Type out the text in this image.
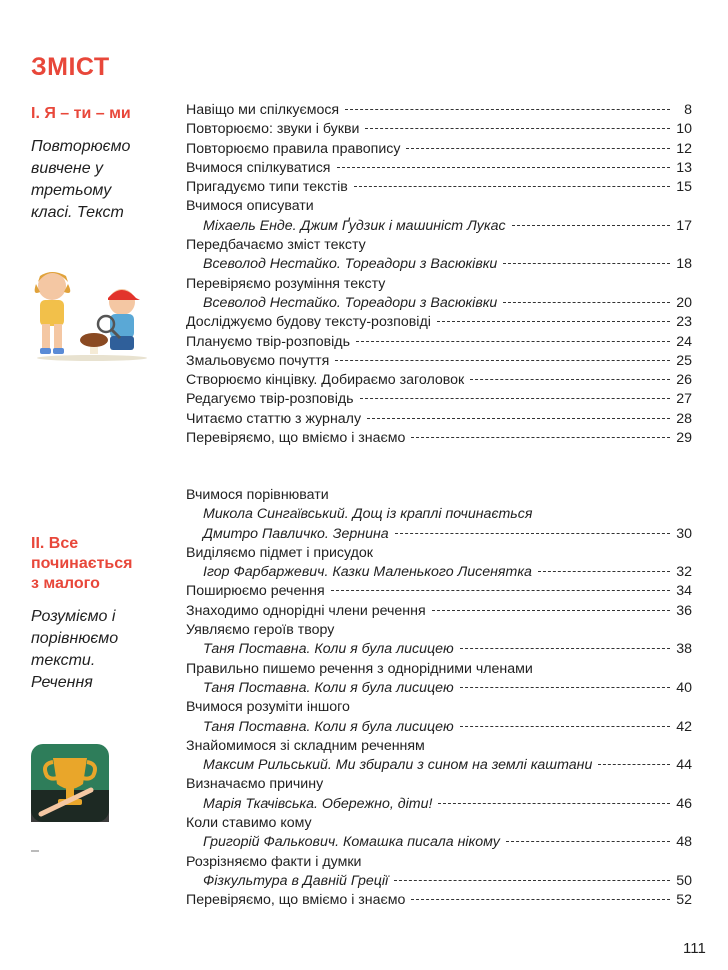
ЗМІСТ
І. Я – ти – ми
Повторюємо вивчене у третьому класі. Текст
Навіщо ми спілкуємося	8
Повторюємо: звуки і букви	10
Повторюємо правила правопису	12
Вчимося спілкуватися	13
Пригадуємо типи текстів	15
Вчимося описувати
Міхаель Енде. Джим Ґудзик і машиніст Лукас	17
Передбачаємо зміст тексту
Всеволод Нестайко. Тореадори з Васюківки	18
Перевіряємо розуміння тексту
Всеволод Нестайко. Тореадори з Васюківки	20
Досліджуємо будову тексту-розповіді	23
Плануємо твір-розповідь	24
Змальовуємо почуття	25
Створюємо кінцівку. Добираємо заголовок	26
Редагуємо твір-розповідь	27
Читаємо статтю з журналу	28
Перевіряємо, що вміємо і знаємо	29
ІІ. Все починається з малого
Розуміємо і порівнюємо тексти. Речення
Вчимося порівнювати
Микола Сингаївський. Дощ із краплі починається
Дмитро Павличко. Зернина	30
Виділяємо підмет і присудок
Ігор Фарбаржевич. Казки Маленького Лисенятка	32
Поширюємо речення	34
Знаходимо однорідні члени речення	36
Уявляємо героїв твору
Таня Поставна. Коли я була лисицею	38
Правильно пишемо речення з однорідними членами
Таня Поставна. Коли я була лисицею	40
Вчимося розуміти іншого
Таня Поставна. Коли я була лисицею	42
Знайомимося зі складним реченням
Максим Рильський. Ми збирали з сином на землі каштани	44
Визначаємо причину
Марія Ткачівська. Обережно, діти!	46
Коли ставимо кому
Григорій Фалькович. Комашка писала нікому	48
Розрізняємо факти і думки
Фізкультура в Давній Греції	50
Перевіряємо, що вміємо і знаємо	52
111
